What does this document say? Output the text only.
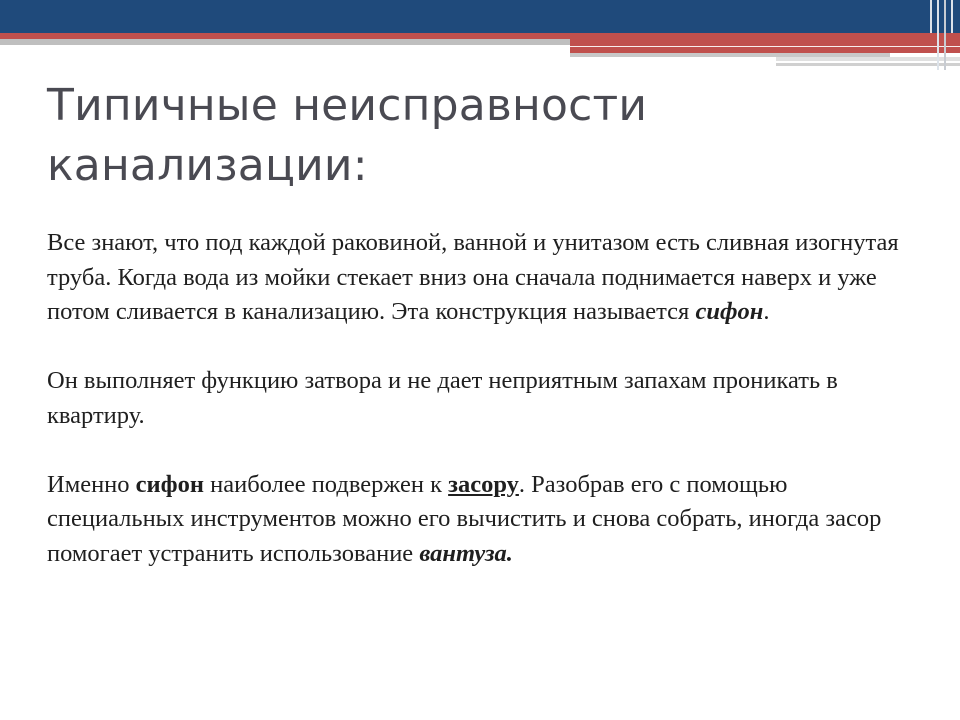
Типичные неисправности
канализации:

Все знают, что под каждой раковиной, ванной и унитазом есть сливная изогнутая труба. Когда вода из мойки стекает вниз она сначала поднимается наверх и уже потом сливается в канализацию. Эта конструкция называется сифон.

Он выполняет функцию затвора и не дает неприятным запахам проникать в квартиру.

Именно сифон наиболее подвержен к засору. Разобрав его с помощью специальных инструментов можно его вычистить и снова собрать, иногда засор помогает устранить использование вантуза.
